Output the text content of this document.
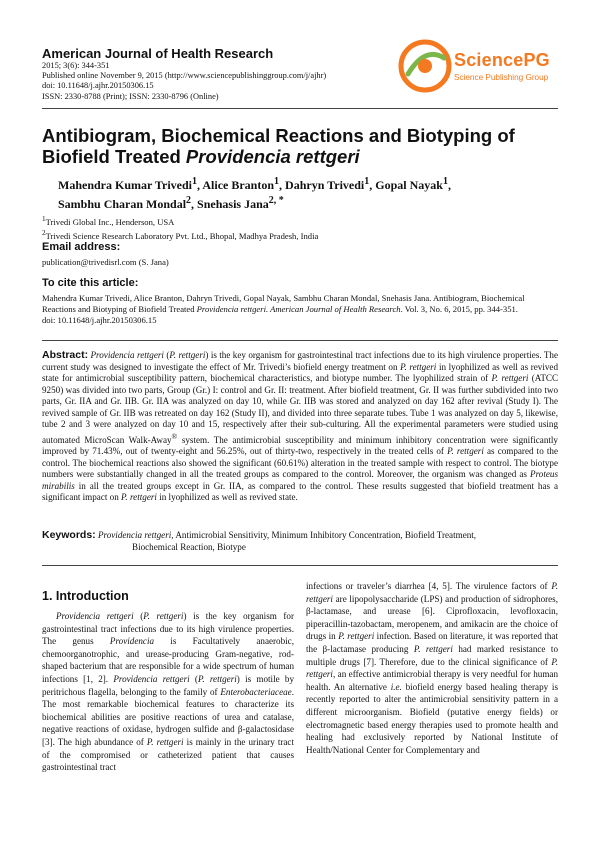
American Journal of Health Research
2015; 3(6): 344-351
Published online November 9, 2015 (http://www.sciencepublishinggroup.com/j/ajhr)
doi: 10.11648/j.ajhr.20150306.15
ISSN: 2330-8788 (Print); ISSN: 2330-8796 (Online)
SciencePG
Science Publishing Group
Antibiogram, Biochemical Reactions and Biotyping of
Biofield Treated Providencia rettgeri
Mahendra Kumar Trivedi$^1$, Alice Branton$^1$, Dahryn Trivedi$^1$, Gopal Nayak$^1$,
Sambhu Charan Mondal$^2$, Snehasis Jana$^{2, *}$
$^1$Trivedi Global Inc., Henderson, USA
$^2$Trivedi Science Research Laboratory Pvt. Ltd., Bhopal, Madhya Pradesh, India
Email address:
publication@trivedisrl.com (S. Jana)
To cite this article:
Mahendra Kumar Trivedi, Alice Branton, Dahryn Trivedi, Gopal Nayak, Sambhu Charan Mondal, Snehasis Jana. Antibiogram, Biochemical
Reactions and Biotyping of Biofield Treated Providencia rettgeri. American Journal of Health Research. Vol. 3, No. 6, 2015, pp. 344-351.
doi: 10.11648/j.ajhr.20150306.15
Abstract: Providencia rettgeri (P. rettgeri) is the key organism for gastrointestinal tract infections due to its high virulence properties. The current study was designed to investigate the effect of Mr. Trivedi’s biofield energy treatment on P. rettgeri in lyophilized as well as revived state for antimicrobial susceptibility pattern, biochemical characteristics, and biotype number. The lyophilized strain of P. rettgeri (ATCC 9250) was divided into two parts, Group (Gr.) I: control and Gr. II: treatment. After biofield treatment, Gr. II was further subdivided into two parts, Gr. IIA and Gr. IIB. Gr. IIA was analyzed on day 10, while Gr. IIB was stored and analyzed on day 162 after revival (Study I). The revived sample of Gr. IIB was retreated on day 162 (Study II), and divided into three separate tubes. Tube 1 was analyzed on day 5, likewise, tube 2 and 3 were analyzed on day 10 and 15, respectively after their sub-culturing. All the experimental parameters were studied using automated MicroScan Walk-Away® system. The antimicrobial susceptibility and minimum inhibitory concentration were significantly improved by 71.43%, out of twenty-eight and 56.25%, out of thirty-two, respectively in the treated cells of P. rettgeri as compared to the control. The biochemical reactions also showed the significant (60.61%) alteration in the treated sample with respect to control. The biotype numbers were substantially changed in all the treated groups as compared to the control. Moreover, the organism was changed as Proteus mirabilis in all the treated groups except in Gr. IIA, as compared to the control. These results suggested that biofield treatment has a significant impact on P. rettgeri in lyophilized as well as revived state.
Keywords: Providencia rettgeri, Antimicrobial Sensitivity, Minimum Inhibitory Concentration, Biofield Treatment,
Biochemical Reaction, Biotype
1. Introduction
Providencia rettgeri (P. rettgeri) is the key organism for gastrointestinal tract infections due to its high virulence properties. The genus Providencia is Facultatively anaerobic, chemoorganotrophic, and urease-producing Gram-negative, rod-shaped bacterium that are responsible for a wide spectrum of human infections [1, 2]. Providencia rettgeri (P. rettgeri) is motile by peritrichous flagella, belonging to the family of Enterobacteriaceae. The most remarkable biochemical features to characterize its biochemical abilities are positive reactions of urea and catalase, negative reactions of oxidase, hydrogen sulfide and β-galactosidase [3]. The high abundance of P. rettgeri is mainly in the urinary tract of the compromised or catheterized patient that causes gastrointestinal tract
infections or traveler’s diarrhea [4, 5]. The virulence factors of P. rettgeri are lipopolysaccharide (LPS) and production of sidrophores, β-lactamase, and urease [6]. Ciprofloxacin, levofloxacin, piperacillin-tazobactam, meropenem, and amikacin are the choice of drugs in P. rettgeri infection. Based on literature, it was reported that the β-lactamase producing P. rettgeri had marked resistance to multiple drugs [7]. Therefore, due to the clinical significance of P. rettgeri, an effective antimicrobial therapy is very needful for human health. An alternative i.e. biofield energy based healing therapy is recently reported to alter the antimicrobial sensitivity pattern in a different microorganism. Biofield (putative energy fields) or electromagnetic based energy therapies used to promote health and healing had exclusively reported by National Institute of Health/National Center for Complementary and
